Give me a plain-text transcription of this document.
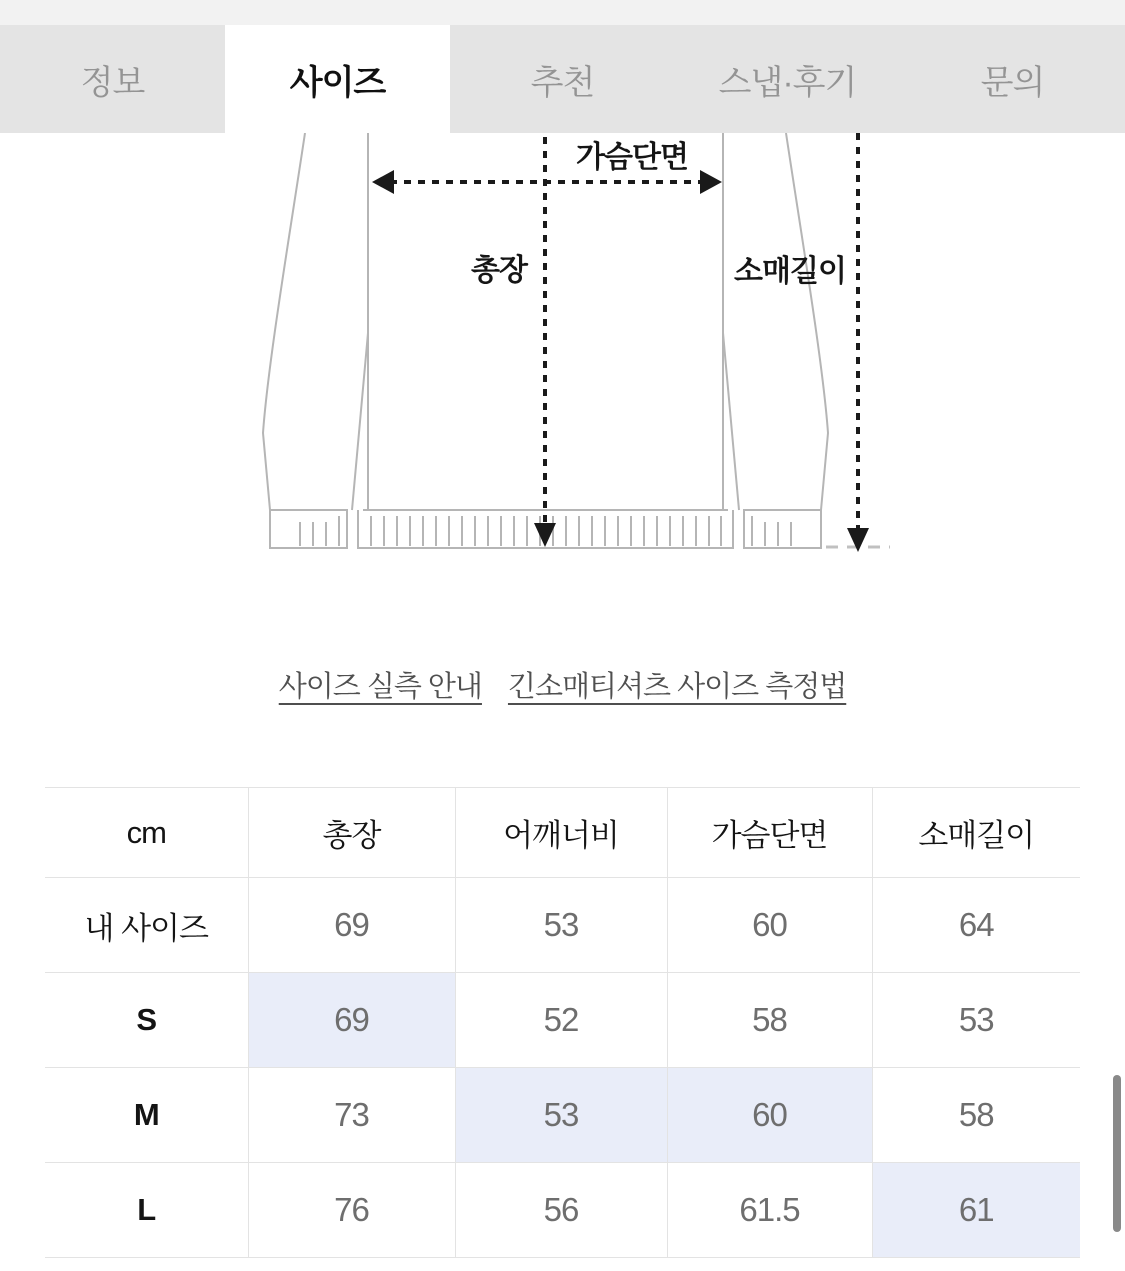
정보	사이즈	추천	스냅·후기	문의
가슴단면
총장	소매길이
사이즈 실측 안내 긴소매티셔츠 사이즈 측정법
cm	총장	어깨너비	가슴단면	소매길이
내 사이즈	69	53	60	64
S	69	52	58	53
M	73	53	60	58
L	76	56	61.5	61
